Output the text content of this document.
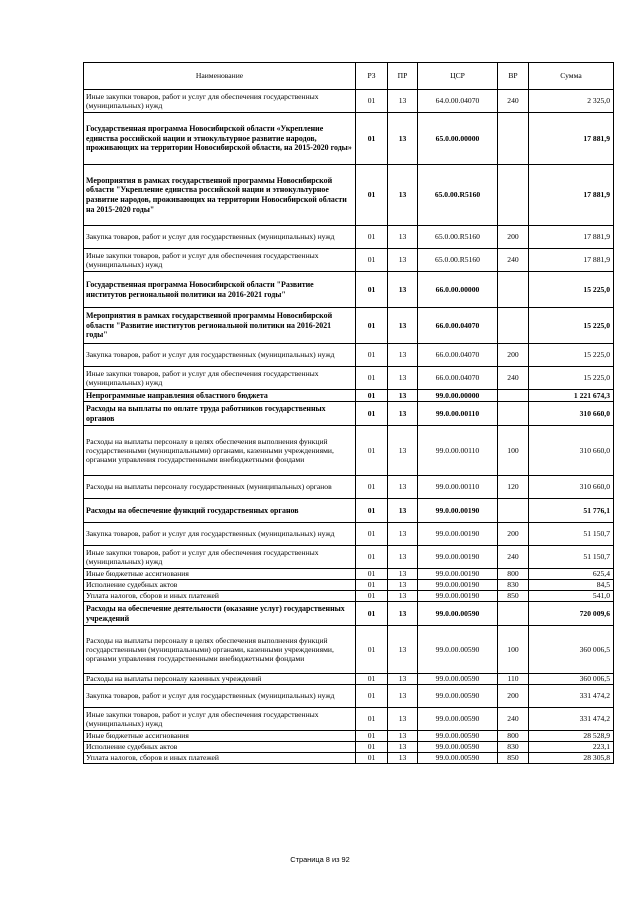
Наименование	РЗ	ПР	ЦСР	ВР	Сумма
Иные закупки товаров, работ и услуг для обеспечения государственных (муниципальных) нужд	01	13	64.0.00.04070	240	2 325,0
Государственная программа Новосибирской области «Укрепление единства российской нации и этнокультурное развитие народов, проживающих на территории Новосибирской области, на 2015-2020 годы»	01	13	65.0.00.00000		17 881,9
Мероприятия в рамках государственной программы Новосибирской области "Укрепление единства российской нации и этнокультурное развитие народов, проживающих на территории Новосибирской области на 2015-2020 годы"	01	13	65.0.00.R5160		17 881,9
Закупка товаров, работ и услуг для государственных (муниципальных) нужд	01	13	65.0.00.R5160	200	17 881,9
Иные закупки товаров, работ и услуг для обеспечения государственных (муниципальных) нужд	01	13	65.0.00.R5160	240	17 881,9
Государственная программа Новосибирской области "Развитие институтов региональной политики на 2016-2021 годы"	01	13	66.0.00.00000		15 225,0
Мероприятия в рамках государственной программы Новосибирской области "Развитие институтов региональной политики на 2016-2021 годы"	01	13	66.0.00.04070		15 225,0
Закупка товаров, работ и услуг для государственных (муниципальных) нужд	01	13	66.0.00.04070	200	15 225,0
Иные закупки товаров, работ и услуг для обеспечения государственных (муниципальных) нужд	01	13	66.0.00.04070	240	15 225,0
Непрограммные направления областного бюджета	01	13	99.0.00.00000		1 221 674,3
Расходы на выплаты по оплате труда работников государственных органов	01	13	99.0.00.00110		310 660,0
Расходы на выплаты персоналу в целях обеспечения выполнения функций государственными (муниципальными) органами, казенными учреждениями, органами управления государственными внебюджетными фондами	01	13	99.0.00.00110	100	310 660,0
Расходы на выплаты персоналу государственных (муниципальных) органов	01	13	99.0.00.00110	120	310 660,0
Расходы на обеспечение функций государственных органов	01	13	99.0.00.00190		51 776,1
Закупка товаров, работ и услуг для государственных (муниципальных) нужд	01	13	99.0.00.00190	200	51 150,7
Иные закупки товаров, работ и услуг для обеспечения государственных (муниципальных) нужд	01	13	99.0.00.00190	240	51 150,7
Иные бюджетные ассигнования	01	13	99.0.00.00190	800	625,4
Исполнение судебных актов	01	13	99.0.00.00190	830	84,5
Уплата налогов, сборов и иных платежей	01	13	99.0.00.00190	850	541,0
Расходы на обеспечение деятельности (оказание услуг) государственных учреждений	01	13	99.0.00.00590		720 009,6
Расходы на выплаты персоналу в целях обеспечения выполнения функций государственными (муниципальными) органами, казенными учреждениями, органами управления государственными внебюджетными фондами	01	13	99.0.00.00590	100	360 006,5
Расходы на выплаты персоналу казенных учреждений	01	13	99.0.00.00590	110	360 006,5
Закупка товаров, работ и услуг для государственных (муниципальных) нужд	01	13	99.0.00.00590	200	331 474,2
Иные закупки товаров, работ и услуг для обеспечения государственных (муниципальных) нужд	01	13	99.0.00.00590	240	331 474,2
Иные бюджетные ассигнования	01	13	99.0.00.00590	800	28 528,9
Исполнение судебных актов	01	13	99.0.00.00590	830	223,1
Уплата налогов, сборов и иных платежей	01	13	99.0.00.00590	850	28 305,8
Страница 8 из 92
